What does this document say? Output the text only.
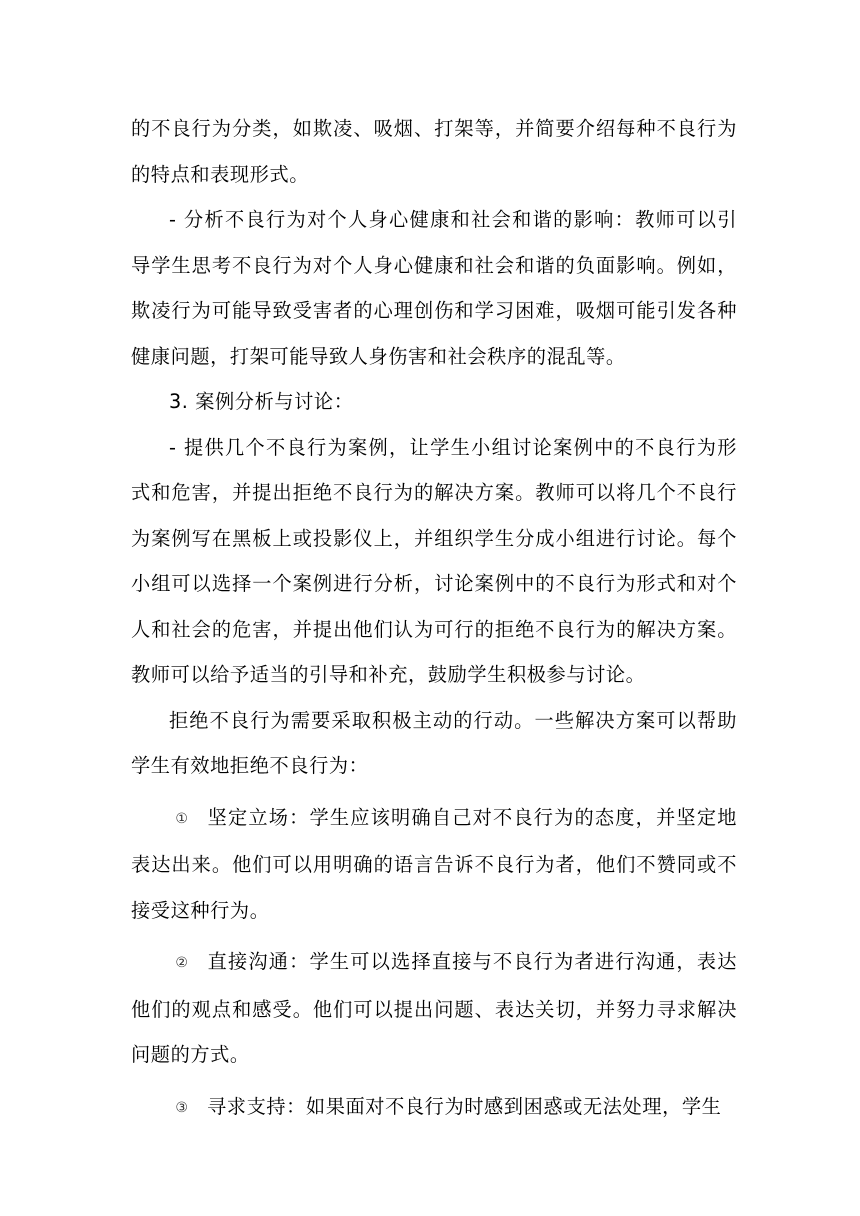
的不良行为分类，如欺凌、吸烟、打架等，并简要介绍每种不良行为的特点和表现形式。

- 分析不良行为对个人身心健康和社会和谐的影响：教师可以引导学生思考不良行为对个人身心健康和社会和谐的负面影响。例如，欺凌行为可能导致受害者的心理创伤和学习困难，吸烟可能引发各种健康问题，打架可能导致人身伤害和社会秩序的混乱等。

3. 案例分析与讨论：

- 提供几个不良行为案例，让学生小组讨论案例中的不良行为形式和危害，并提出拒绝不良行为的解决方案。教师可以将几个不良行为案例写在黑板上或投影仪上，并组织学生分成小组进行讨论。每个小组可以选择一个案例进行分析，讨论案例中的不良行为形式和对个人和社会的危害，并提出他们认为可行的拒绝不良行为的解决方案。教师可以给予适当的引导和补充，鼓励学生积极参与讨论。

拒绝不良行为需要采取积极主动的行动。一些解决方案可以帮助学生有效地拒绝不良行为：

① 坚定立场：学生应该明确自己对不良行为的态度，并坚定地表达出来。他们可以用明确的语言告诉不良行为者，他们不赞同或不接受这种行为。

② 直接沟通：学生可以选择直接与不良行为者进行沟通，表达他们的观点和感受。他们可以提出问题、表达关切，并努力寻求解决问题的方式。

③ 寻求支持：如果面对不良行为时感到困惑或无法处理，学生
